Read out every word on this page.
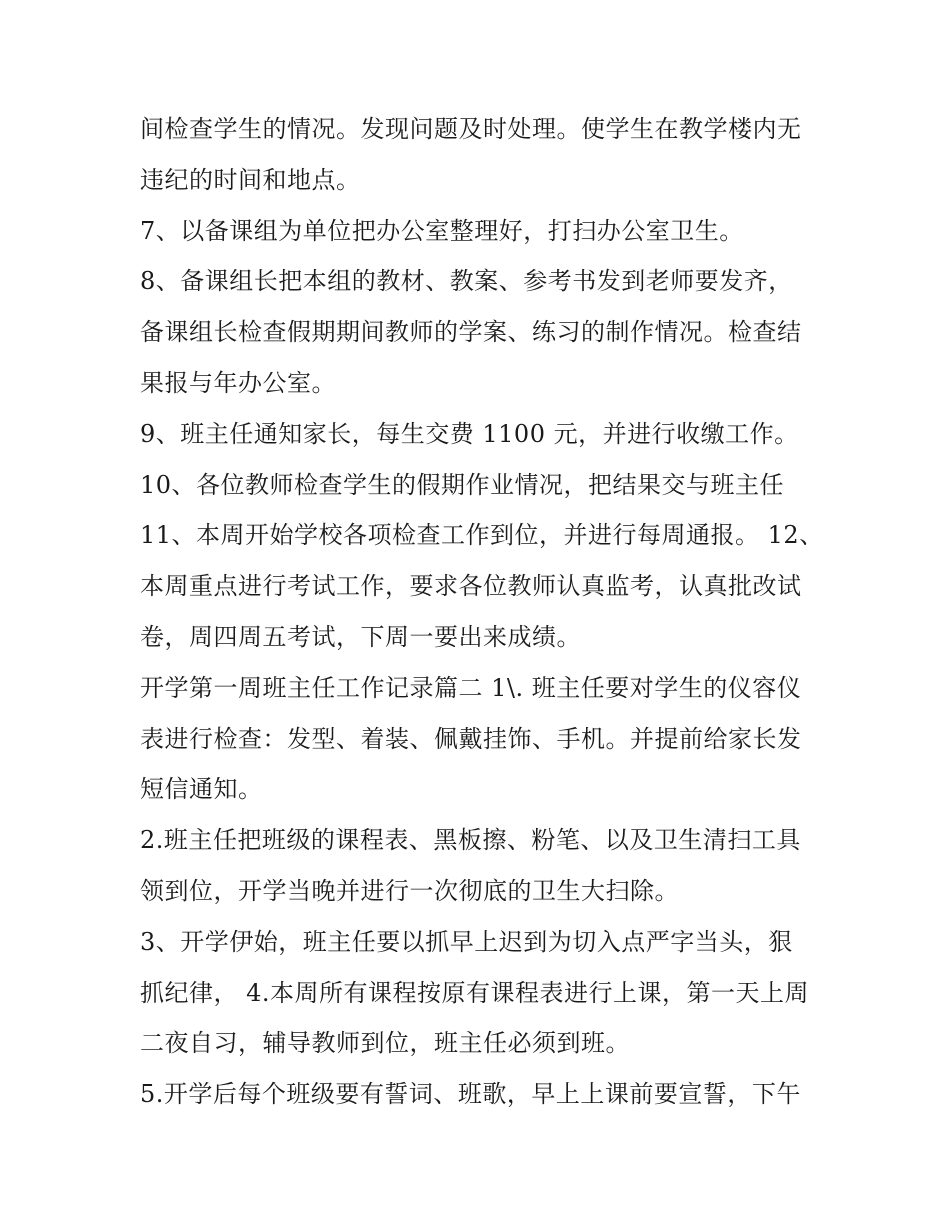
间检查学生的情况。发现问题及时处理。使学生在教学楼内无
违纪的时间和地点。
7、以备课组为单位把办公室整理好，打扫办公室卫生。
8、备课组长把本组的教材、教案、参考书发到老师要发齐，
备课组长检查假期期间教师的学案、练习的制作情况。检查结
果报与年办公室。
9、班主任通知家长，每生交费 1100 元，并进行收缴工作。
10、各位教师检查学生的假期作业情况，把结果交与班主任
11、本周开始学校各项检查工作到位，并进行每周通报。 12、
本周重点进行考试工作，要求各位教师认真监考，认真批改试
卷，周四周五考试，下周一要出来成绩。
开学第一周班主任工作记录篇二 1\. 班主任要对学生的仪容仪
表进行检查：发型、着装、佩戴挂饰、手机。并提前给家长发
短信通知。
2.班主任把班级的课程表、黑板擦、粉笔、以及卫生清扫工具
领到位，开学当晚并进行一次彻底的卫生大扫除。
3、开学伊始，班主任要以抓早上迟到为切入点严字当头，狠
抓纪律， 4.本周所有课程按原有课程表进行上课，第一天上周
二夜自习，辅导教师到位，班主任必须到班。
5.开学后每个班级要有誓词、班歌，早上上课前要宣誓，下午
